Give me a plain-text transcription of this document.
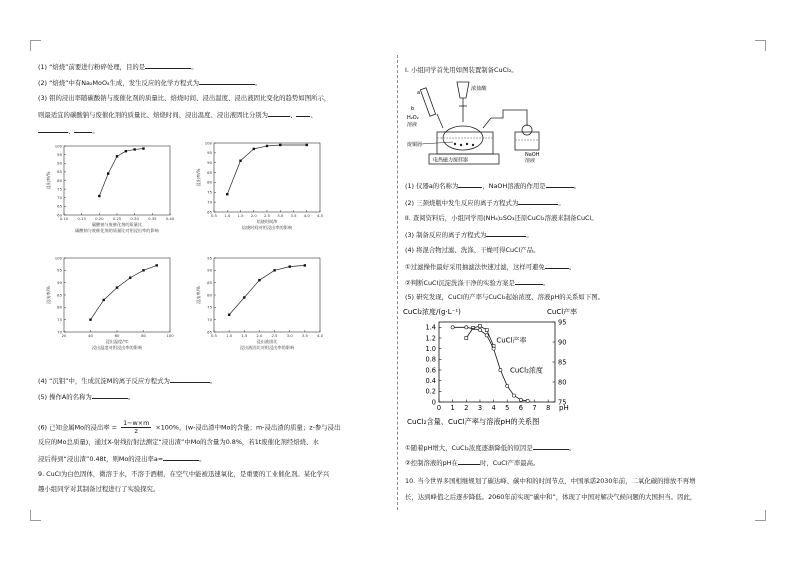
(1) “焙烧”前要进行粉碎处理，目的是	。
(2) “焙烧”中有Na₂MoO₄生成，发生反应的化学方程式为	。
(3) 钼的浸出率随碳酸钠与废催化剂的质量比、焙烧时间、浸出温度、浸出液固比变化的趋势如图所示，
则最适宜的碳酸钠与废催化剂的质量比、焙烧时间、浸出温度、浸出液固比分别为	、 、
、	。
60
65
70
75
80
85
90
95
100
0.10 0.15 0.20 0.25 0.30 0.35 0.40
浸出率/%
碳酸钠与废催化剂的质量比
碳酸钠与废催化剂的质量比对钼浸出率的影响
65
70
75
80
85
90
95
100
0.5 1.0 1.5 2.0 2.5 3.0 3.5 4.0 4.5
浸出率/%
焙烧时间/h
焙烧时间对钼浸出率的影响
70
75
80
85
90
95
100
20	40	60	80	100
浸出率/%
浸出温度/℃
浸出温度对钼浸出率的影响
65
70
75
80
85
90
95
0.5 1.0 1.5 2.0 2.5 3.0 3.5 4.0
浸出率/%
浸出液固比
浸出液固比对钼浸出率的影响
(4) “沉钼”中，生成沉淀M的离子反应方程式为	。
(5) 操作A的名称为	。
(6) 已知金属Mo的浸出率 = $\frac{1-w\times m}{z} \times 100\%$，(w-浸出渣中Mo的含量；m-浸出渣的质量；z-参与浸出
反应的Mo总质量)，通过X-射线衍射法测定“浸出渣”中Mo的含量为0.8%，若1t废催化剂经焙烧、水
浸后得到“浸出渣”0.48t，则Mo的浸出率a=	。
9. CuCl为白色固体，微溶于水，不溶于酒精，在空气中能被迅速氧化，是重要的工业催化剂。某化学兴
趣小组同学对其制备过程进行了实验探究。
I. 小组同学首先用如图装置制备CuCl₂。
浓盐酸
a
b
H₂O₂
溶液
NaOH
溶液
电热磁力搅拌器
废铜屑
(1) 仪器a的名称为	，NaOH溶液的作用是	。
(2) 三颈烧瓶中发生反应的离子方程式为	。
II. 查阅资料后，小组同学用(NH₄)₂SO₃还原CuCl₂溶液来制备CuCl。
(3) 制备反应的离子方程式为	。
(4) 将混合物过滤、洗涤、干燥可得CuCl产品。
①过滤操作最好采用抽滤法快速过滤，这样可避免	。
②判断CuCl沉淀洗涤干净的实验方案是	。
(5) 研究发现，CuCl的产率与CuCl₂起始浓度、溶液pH的关系如下图。
CuCl₂浓度/(g·L⁻¹)	CuCl产率
0
0.2
0.4
0.6
0.8
1.0
1.2
1.4
75
80
85
90
95
0 1 2 3 4 5 6 7 8 pH
CuCl产率
CuCl₂浓度
CuCl₂含量、CuCl产率与溶液pH的关系图
①随着pH增大，CuCl₂浓度逐渐降低的原因是	。
②控制溶液的pH在	时，CuCl产率最高。
10. 当今世界多国相继规划了碳达峰、碳中和的时间节点，中国承诺2030年前，二氧化碳的排放不再增
长，达到峰值之后逐步降低。2060年前实现“碳中和”，体现了中国对解决气候问题的大国担当。因此，
